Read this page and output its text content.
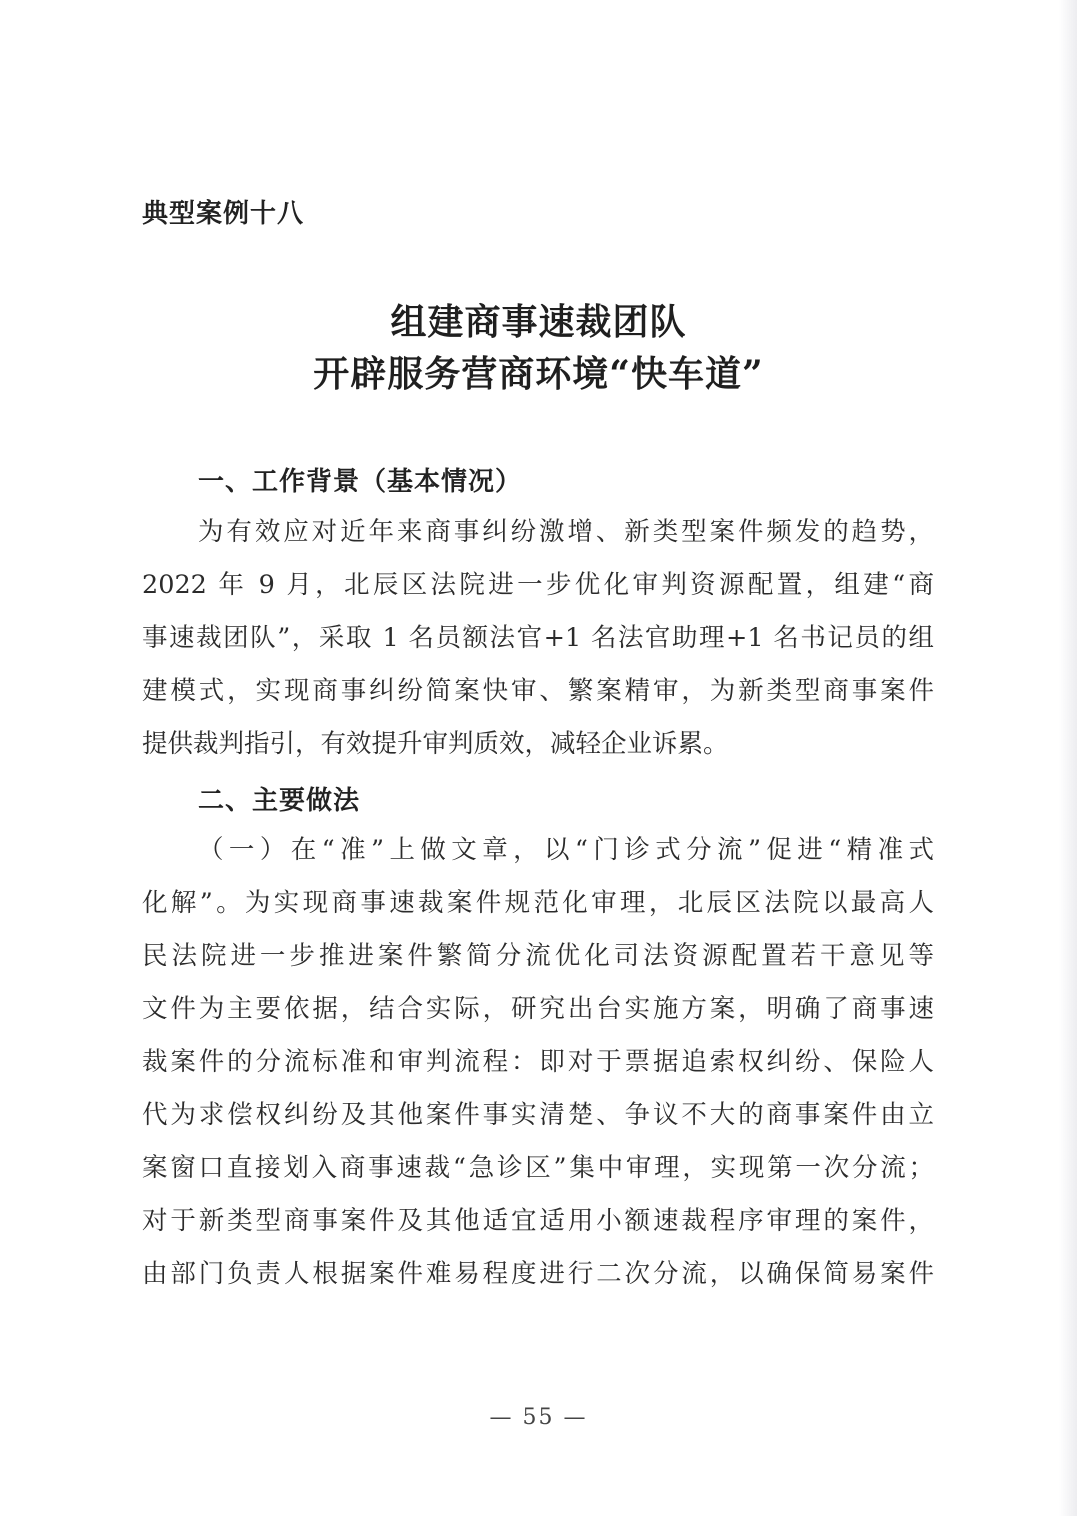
典型案例十八
组建商事速裁团队
开辟服务营商环境“快车道”
一、工作背景（基本情况）
为有效应对近年来商事纠纷激增、新类型案件频发的趋势，
2022 年 9 月，北辰区法院进一步优化审判资源配置，组建“商
事速裁团队”，采取 1 名员额法官+1 名法官助理+1 名书记员的组
建模式，实现商事纠纷简案快审、繁案精审，为新类型商事案件
提供裁判指引，有效提升审判质效，减轻企业诉累。
二、主要做法
（一）在“准”上做文章，以“门诊式分流”促进“精准式
化解”。为实现商事速裁案件规范化审理，北辰区法院以最高人
民法院进一步推进案件繁简分流优化司法资源配置若干意见等
文件为主要依据，结合实际，研究出台实施方案，明确了商事速
裁案件的分流标准和审判流程：即对于票据追索权纠纷、保险人
代为求偿权纠纷及其他案件事实清楚、争议不大的商事案件由立
案窗口直接划入商事速裁“急诊区”集中审理，实现第一次分流；
对于新类型商事案件及其他适宜适用小额速裁程序审理的案件，
由部门负责人根据案件难易程度进行二次分流，以确保简易案件
— 55 —
